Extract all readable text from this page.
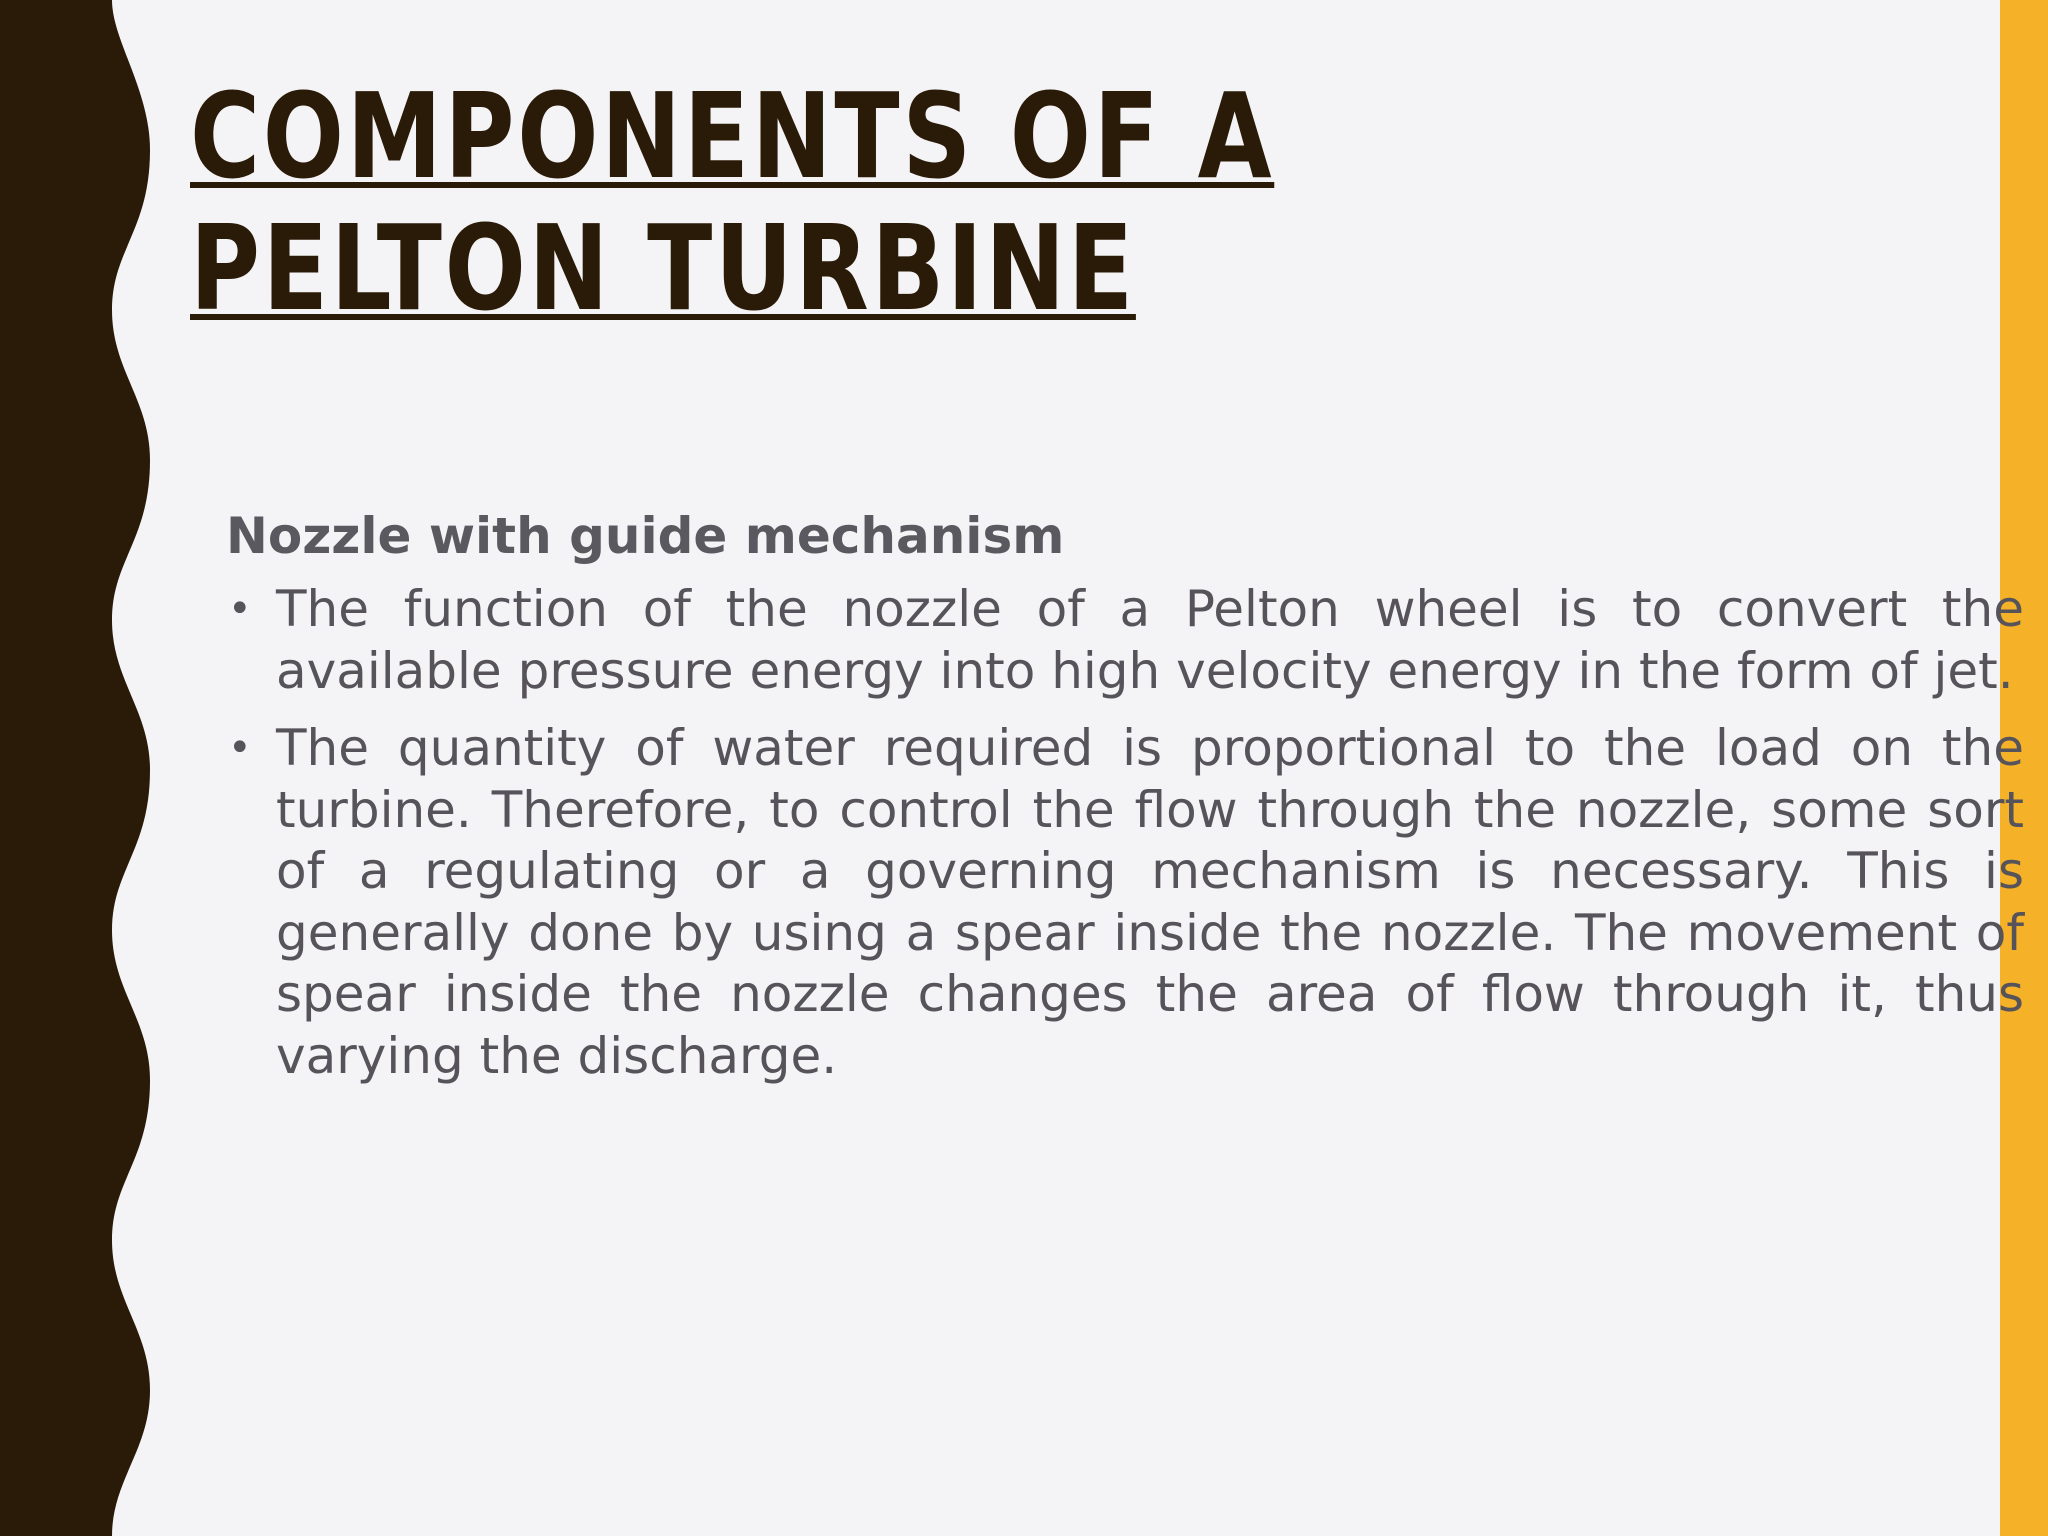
COMPONENTS OF A PELTON TURBINE

Nozzle with guide mechanism

• The function of the nozzle of a Pelton wheel is to convert the available pressure energy into high velocity energy in the form of jet.
• The quantity of water required is proportional to the load on the turbine. Therefore, to control the flow through the nozzle, some sort of a regulating or a governing mechanism is necessary. This is generally done by using a spear inside the nozzle. The movement of spear inside the nozzle changes the area of flow through it, thus varying the discharge.
